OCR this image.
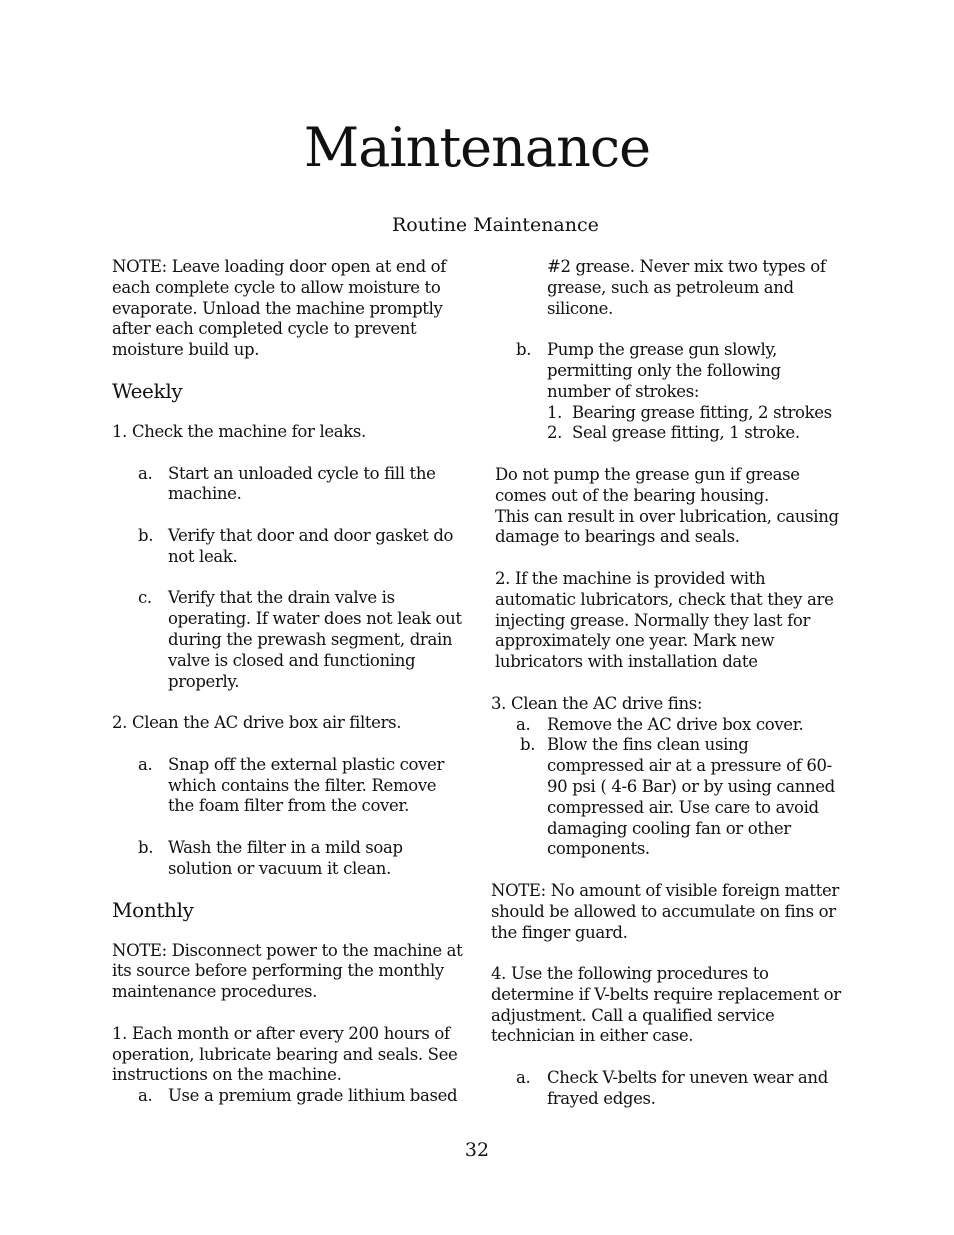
Maintenance
Routine Maintenance

NOTE: Leave loading door open at end of each complete cycle to allow moisture to evaporate. Unload the machine promptly after each completed cycle to prevent moisture build up.

Weekly

1. Check the machine for leaks.

a. Start an unloaded cycle to fill the machine.
b. Verify that door and door gasket do not leak.
c. Verify that the drain valve is operating. If water does not leak out during the prewash segment, drain valve is closed and functioning properly.

2. Clean the AC drive box air filters.

a. Snap off the external plastic cover which contains the filter. Remove the foam filter from the cover.
b. Wash the filter in a mild soap solution or vacuum it clean.

Monthly

NOTE: Disconnect power to the machine at its source before performing the monthly maintenance procedures.

1. Each month or after every 200 hours of operation, lubricate bearing and seals. See instructions on the machine.

a. Use a premium grade lithium based

#2 grease. Never mix two types of grease, such as petroleum and silicone.

b. Pump the grease gun slowly, permitting only the following number of strokes:
1. Bearing grease fitting, 2 strokes
2. Seal grease fitting, 1 stroke.

Do not pump the grease gun if grease comes out of the bearing housing.

This can result in over lubrication, causing damage to bearings and seals.

2. If the machine is provided with automatic lubricators, check that they are injecting grease. Normally they last for approximately one year. Mark new lubricators with installation date

3. Clean the AC drive fins:

a.	Remove the AC drive box cover.
b. Blow the fins clean using compressed air at a pressure of 60-90 psi ( 4-6 Bar) or by using canned compressed air. Use care to avoid damaging cooling fan or other components.

NOTE: No amount of visible foreign matter should be allowed to accumulate on fins or the finger guard.

4. Use the following procedures to determine if V-belts require replacement or adjustment. Call a qualified service technician in either case.

a.	Check V-belts for uneven wear and frayed edges.
32
